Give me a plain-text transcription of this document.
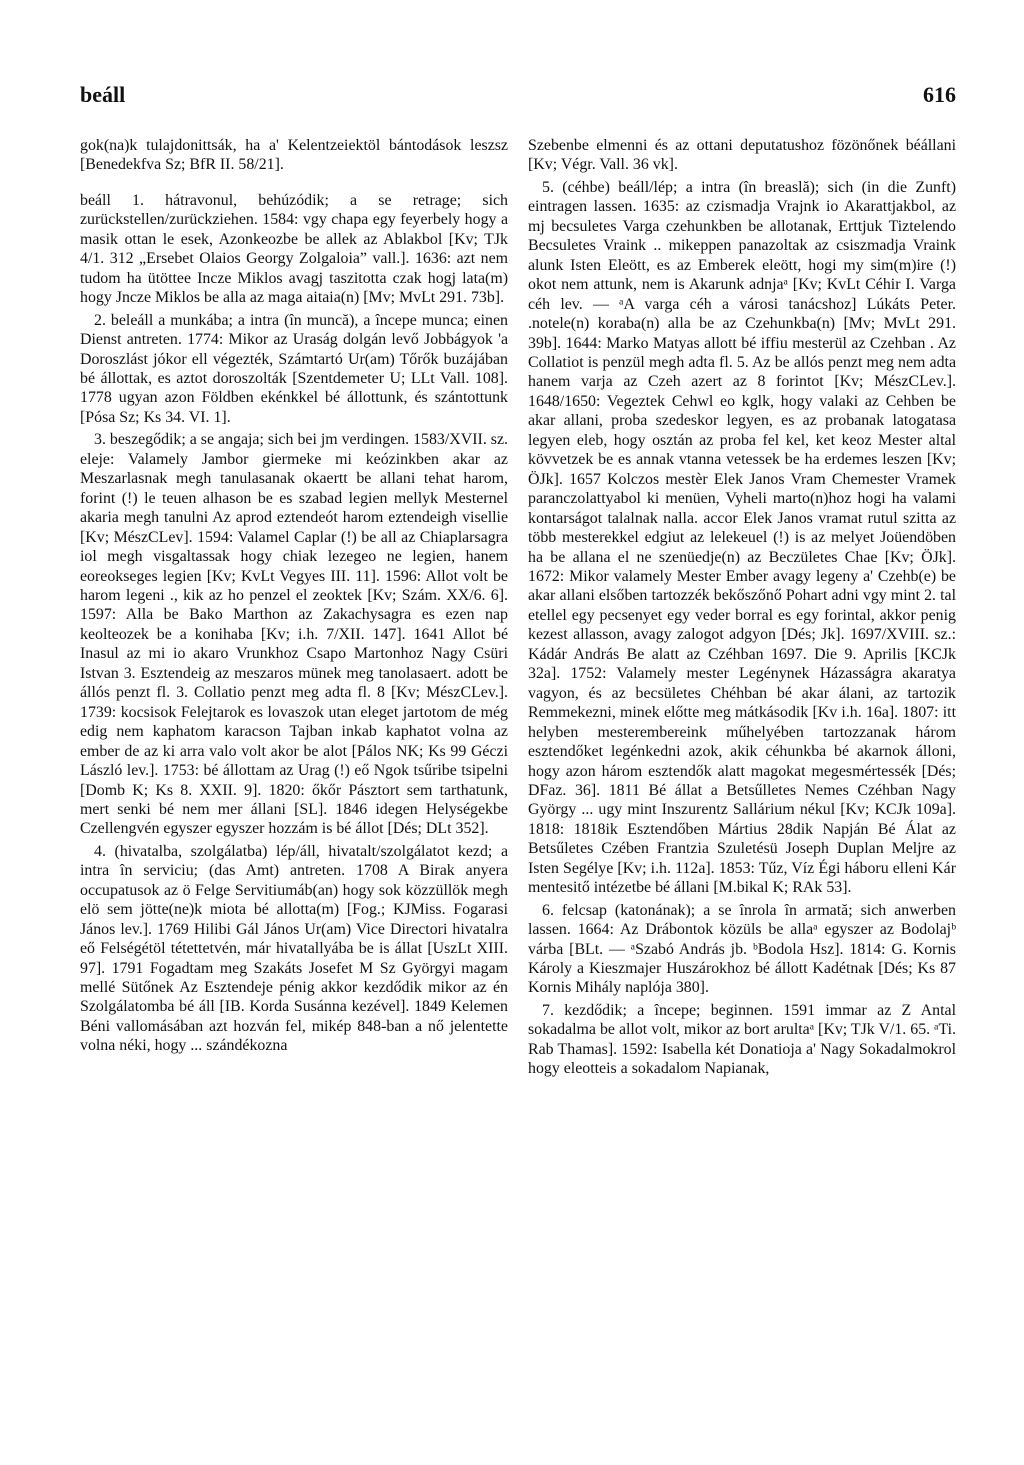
beáll	616

gok(na)k tulajdonittsák, ha a' Kelentzeiektöl bántodások leszsz [Benedekfva Sz; BfR II. 58/21].

beáll 1. hátravonul, behúzódik; a se retrage; sich zurückstellen/zurückziehen. 1584: vgy chapa egy feyerbely hogy a masik ottan le esek, Azonkeozbe be allek az Ablakbol [Kv; TJk 4/1. 312 „Ersebet Olaios Georgy Zolgaloia” vall.]. 1636: azt nem tudom ha ütöttee Incze Miklos avagj taszitotta czak hogj lata(m) hogy Jncze Miklos be alla az maga aitaia(n) [Mv; MvLt 291. 73b].

2. beleáll a munkába; a intra (în muncă), a începe munca; einen Dienst antreten. 1774: Mikor az Uraság dolgán levő Jobbágyok 'a Doroszlást jókor ell végezték, Számtartó Ur(am) Tőrők buzájában bé állottak, es aztot doroszolták [Szentdemeter U; LLt Vall. 108]. 1778 ugyan azon Földben ekénkkel bé állottunk, és szántottunk [Pósa Sz; Ks 34. VI. 1].

3. beszegődik; a se angaja; sich bei jm verdingen. 1583/XVII. sz. eleje: Valamely Jambor giermeke mi keózinkben akar az Meszarlasnak megh tanulasanak okaertt be allani tehat harom, forint (!) le teuen alhason be es szabad legien mellyk Mesternel akaria megh tanulni Az aprod eztendeót harom eztendeigh visellie [Kv; MészCLev]. 1594: Valamel Caplar (!) be all az Chiaplarsagra iol megh visgaltassak hogy chiak lezegeo ne legien, hanem eoreokseges legien [Kv; KvLt Vegyes III. 11]. 1596: Allot volt be harom legeni ., kik az ho penzel el zeoktek [Kv; Szám. XX/6. 6]. 1597: Alla be Bako Marthon az Zakachysagra es ezen nap keolteozek be a konihaba [Kv; i.h. 7/XII. 147]. 1641 Allot bé Inasul az mi io akaro Vrunkhoz Csapo Martonhoz Nagy Csüri Istvan 3. Esztendeig az meszaros münek meg tanolasaert. adott be állós penzt fl. 3. Collatio penzt meg adta fl. 8 [Kv; MészCLev.]. 1739: kocsisok Felejtarok es lovaszok utan eleget jartotom de még edig nem kaphatom karacson Tajban inkab kaphatot volna az ember de az ki arra valo volt akor be alot [Pálos NK; Ks 99 Géczi László lev.]. 1753: bé állottam az Urag (!) eő Ngok tsűribe tsipelni [Domb K; Ks 8. XXII. 9]. 1820: őkőr Pásztort sem tarthatunk, mert senki bé nem mer állani [SL]. 1846 idegen Helységekbe Czellengvén egyszer egyszer hozzám is bé állot [Dés; DLt 352].

4. (hivatalba, szolgálatba) lép/áll, hivatalt/szolgálatot kezd; a intra în serviciu; (das Amt) antreten. 1708 A Birak anyera occupatusok az ö Felge Servitiumáb(an) hogy sok közzüllök megh elö sem jötte(ne)k miota bé allotta(m) [Fog.; KJMiss. Fogarasi János lev.]. 1769 Hilibi Gál János Ur(am) Vice Directori hivatalra eő Felségétöl tétettetvén, már hivatallyába be is állat [UszLt XIII. 97]. 1791 Fogadtam meg Szakáts Josefet M Sz Györgyi magam mellé Sütőnek Az Esztendeje pénig akkor kezdődik mikor az én Szolgálatomba bé áll [IB. Korda Susánna kezével]. 1849 Kelemen Béni vallomásában azt hozván fel, mikép 848-ban a nő jelentette volna néki, hogy ... szándékozna

Szebenbe elmenni és az ottani deputatushoz fözönőnek béállani [Kv; Végr. Vall. 36 vk].

5. (céhbe) beáll/lép; a intra (în breaslă); sich (in die Zunft) eintragen lassen. 1635: az czismadja Vrajnk io Akarattjakbol, az mj becsuletes Varga czehunkben be allotanak, Erttjuk Tiztelendo Becsuletes Vraink .. mikeppen panazoltak az csiszmadja Vraink alunk Isten Eleött, es az Emberek eleött, hogi my sim(m)ire (!) okot nem attunk, nem is Akarunk adnjaᵃ [Kv; KvLt Céhir I. Varga céh lev. — ᵃA varga céh a városi tanácshoz] Lúkáts Peter. .notele(n) koraba(n) alla be az Czehunkba(n) [Mv; MvLt 291. 39b]. 1644: Marko Matyas allott bé iffiu mesterül az Czehban . Az Collatiot is penzül megh adta fl. 5. Az be allós penzt meg nem adta hanem varja az Czeh azert az 8 forintot [Kv; MészCLev.]. 1648/1650: Vegeztek Cehwl eo kglk, hogy valaki az Cehben be akar allani, proba szedeskor legyen, es az probanak latogatasa legyen eleb, hogy osztán az proba fel kel, ket keoz Mester altal kövvetzek be es annak vtanna vetessek be ha erdemes leszen [Kv; ÖJk]. 1657 Kolczos mestèr Elek Janos Vram Chemester Vramek paranczolattyabol ki menüen, Vyheli marto(n)hoz hogi ha valami kontarságot talalnak nalla. accor Elek Janos vramat rutul szitta az több mesterekkel edgiut az lelekeuel (!) is az melyet Joüendöben ha be allana el ne szenüedje(n) az Beczületes Chae [Kv; ÖJk]. 1672: Mikor valamely Mester Ember avagy legeny a' Czehb(e) be akar allani elsőben tartozzék bekőszőnő Pohart adni vgy mint 2. tal etellel egy pecsenyet egy veder borral es egy forintal, akkor penig kezest allasson, avagy zalogot adgyon [Dés; Jk]. 1697/XVIII. sz.: Kádár András Be alatt az Czéhban 1697. Die 9. Aprilis [KCJk 32a]. 1752: Valamely mester Legénynek Házasságra akaratya vagyon, és az becsületes Chéhban bé akar álani, az tartozik Remmekezni, minek előtte meg mátkásodik [Kv i.h. 16a]. 1807: itt helyben mesterembereink műhelyében tartozzanak három esztendőket legénkedni azok, akik céhunkba bé akarnok álloni, hogy azon három esztendők alatt magokat megesmértessék [Dés; DFaz. 36]. 1811 Bé állat a Betsűlletes Nemes Czéhban Nagy György ... ugy mint Inszurentz Sallárium nékul [Kv; KCJk 109a]. 1818: 1818ik Esztendőben Mártius 28dik Napján Bé Álat az Betsűletes Czében Frantzia Szuletésü Joseph Duplan Meljre az Isten Segélye [Kv; i.h. 112a]. 1853: Tűz, Víz Égi háboru elleni Kár mentesitő intézetbe bé állani [M.bikal K; RAk 53].

6. felcsap (katonának); a se înrola în armată; sich anwerben lassen. 1664: Az Drábontok közüls be allaᵃ egyszer az Bodolajᵇ várba [BLt. — ᵃSzabó András jb. ᵇBodola Hsz]. 1814: G. Kornis Károly a Kieszmajer Huszárokhoz bé állott Kadétnak [Dés; Ks 87 Kornis Mihály naplója 380].

7. kezdődik; a începe; beginnen. 1591 immar az Z Antal sokadalma be allot volt, mikor az bort arultaᵃ [Kv; TJk V/1. 65. ᵃTi. Rab Thamas]. 1592: Isabella két Donatioja a' Nagy Sokadalmokrol hogy eleotteis a sokadalom Napianak,
